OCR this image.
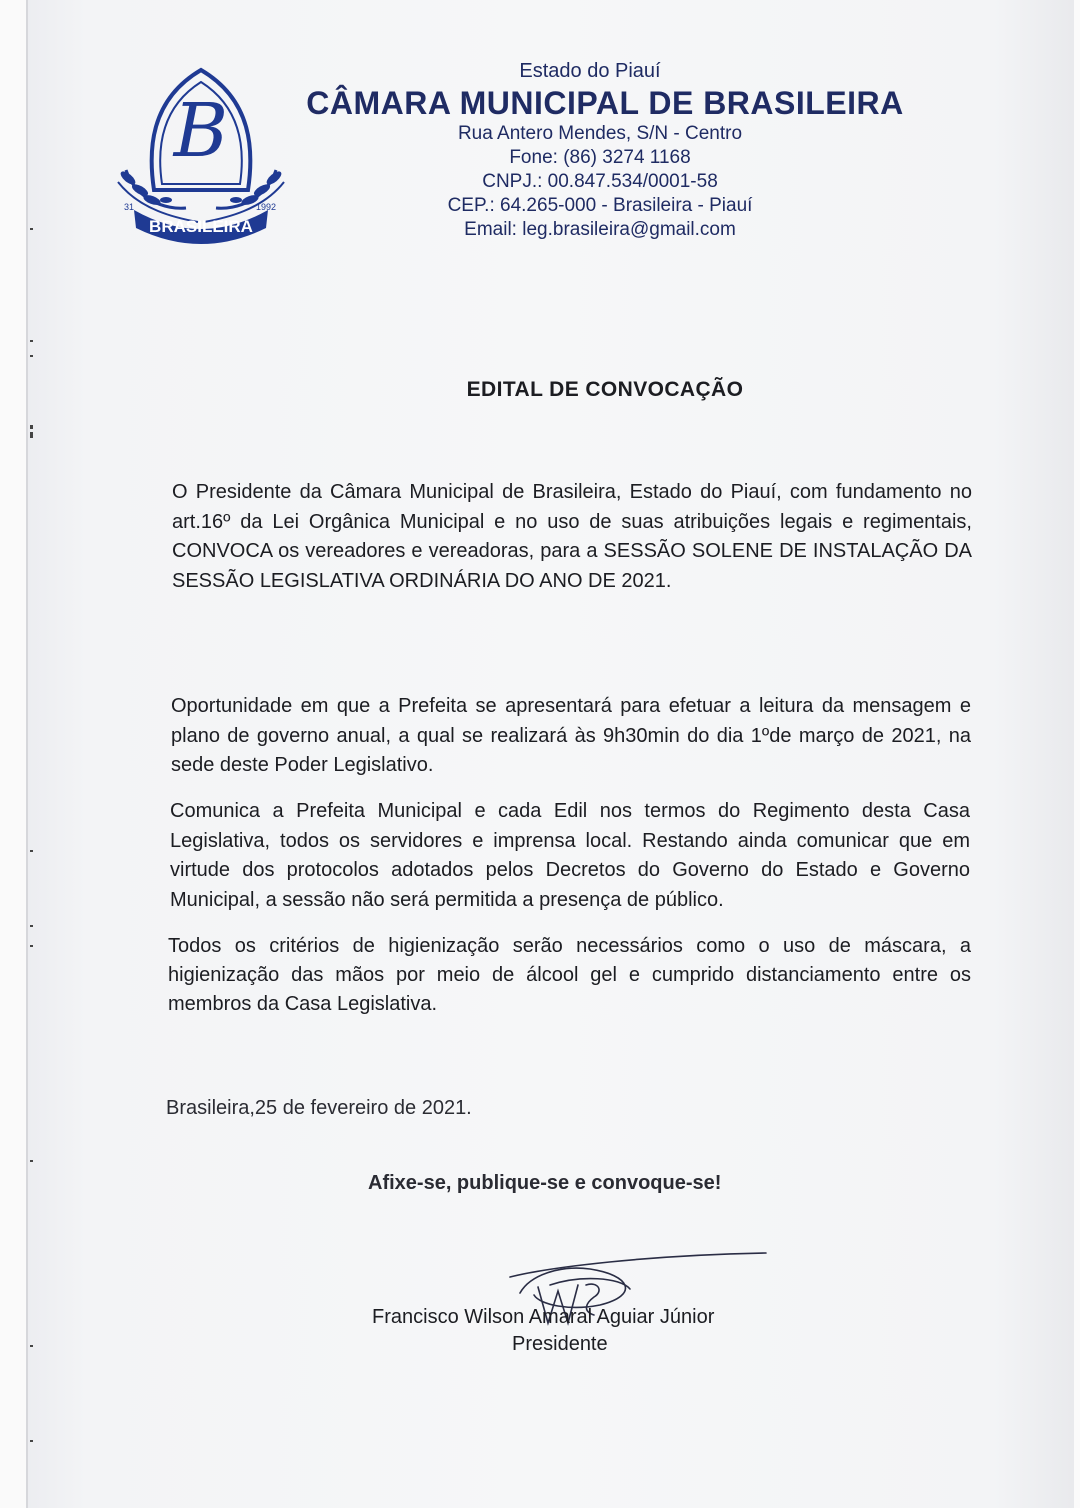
B
BRASILEIRA
31	1992
Estado do Piauí
CÂMARA MUNICIPAL DE BRASILEIRA
Rua Antero Mendes, S/N - Centro
Fone: (86) 3274 1168
CNPJ.: 00.847.534/0001-58
CEP.: 64.265-000 - Brasileira - Piauí
Email: leg.brasileira@gmail.com
EDITAL DE CONVOCAÇÃO

O Presidente da Câmara Municipal de Brasileira, Estado do Piauí, com fundamento no art.16º da Lei Orgânica Municipal e no uso de suas atribuições legais e regimentais, CONVOCA os vereadores e vereadoras, para a SESSÃO SOLENE DE INSTALAÇÃO DA SESSÃO LEGISLATIVA ORDINÁRIA DO ANO DE 2021.

Oportunidade em que a Prefeita se apresentará para efetuar a leitura da mensagem e plano de governo anual, a qual se realizará às 9h30min do dia 1ºde março de 2021, na sede deste Poder Legislativo.

Comunica a Prefeita Municipal e cada Edil nos termos do Regimento desta Casa Legislativa, todos os servidores e imprensa local. Restando ainda comunicar que em virtude dos protocolos adotados pelos Decretos do Governo do Estado e Governo Municipal, a sessão não será permitida a presença de público.

Todos os critérios de higienização serão necessários como o uso de máscara, a higienização das mãos por meio de álcool gel e cumprido distanciamento entre os membros da Casa Legislativa.

Brasileira,25 de fevereiro de 2021.
Afixe-se, publique-se e convoque-se!
Francisco Wilson Amaral Aguiar Júnior
Presidente
